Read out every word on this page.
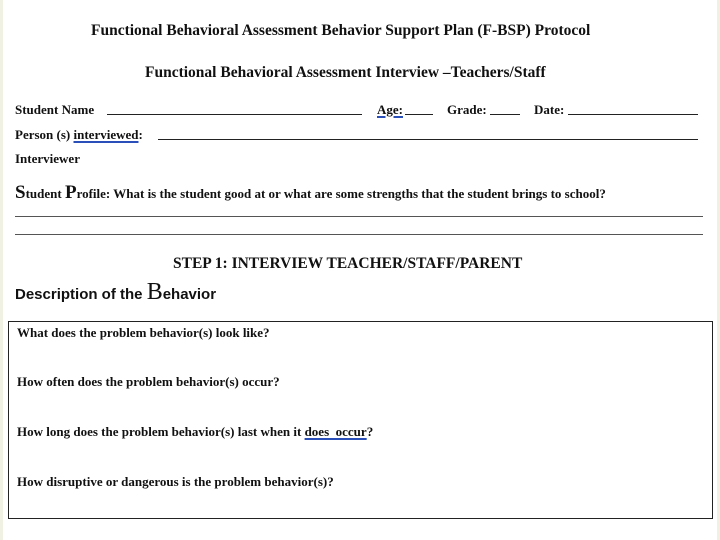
Functional Behavioral Assessment Behavior Support Plan (F-BSP) Protocol
Functional Behavioral Assessment Interview –Teachers/Staff
Student Name	Age:	Grade:	Date:
Person (s) interviewed:
Interviewer
Student Profile: What is the student good at or what are some strengths that the student brings to school?
STEP 1: INTERVIEW TEACHER/STAFF/PARENT
Description of the Behavior
What does the problem behavior(s) look like?
How often does the problem behavior(s) occur?
How long does the problem behavior(s) last when it does  occur?
How disruptive or dangerous is the problem behavior(s)?
